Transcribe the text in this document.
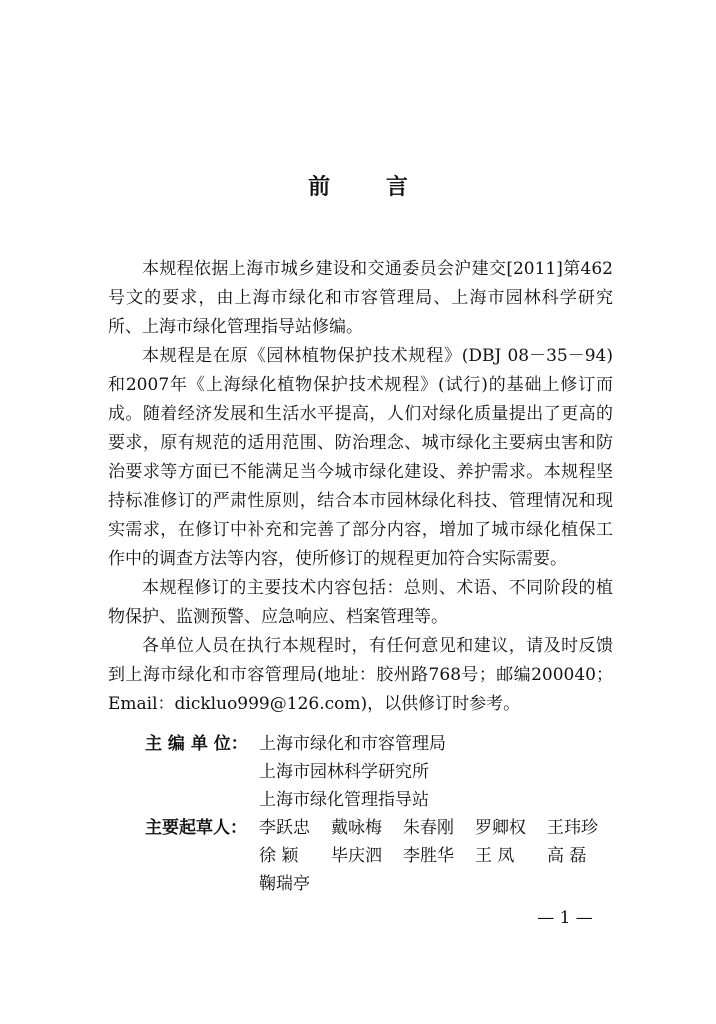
前 言

本规程依据上海市城乡建设和交通委员会沪建交[2011]第462号文的要求，由上海市绿化和市容管理局、上海市园林科学研究所、上海市绿化管理指导站修编。

本规程是在原《园林植物保护技术规程》(DBJ 08－35－94)和2007年《上海绿化植物保护技术规程》(试行)的基础上修订而成。随着经济发展和生活水平提高，人们对绿化质量提出了更高的要求，原有规范的适用范围、防治理念、城市绿化主要病虫害和防治要求等方面已不能满足当今城市绿化建设、养护需求。本规程坚持标准修订的严肃性原则，结合本市园林绿化科技、管理情况和现实需求，在修订中补充和完善了部分内容，增加了城市绿化植保工作中的调查方法等内容，使所修订的规程更加符合实际需要。

本规程修订的主要技术内容包括：总则、术语、不同阶段的植物保护、监测预警、应急响应、档案管理等。

各单位人员在执行本规程时，有任何意见和建议，请及时反馈到上海市绿化和市容管理局(地址：胶州路768号；邮编200040；Email：dickluo999@126.com)，以供修订时参考。

主 编 单 位： 上海市绿化和市容管理局
上海市园林科学研究所
上海市绿化管理指导站
主要起草人： 李跃忠	戴咏梅	朱春刚	罗卿权	王玮珍
徐 颖	毕庆泗	李胜华	王 凤	高 磊
鞠瑞亭
— 1 —
